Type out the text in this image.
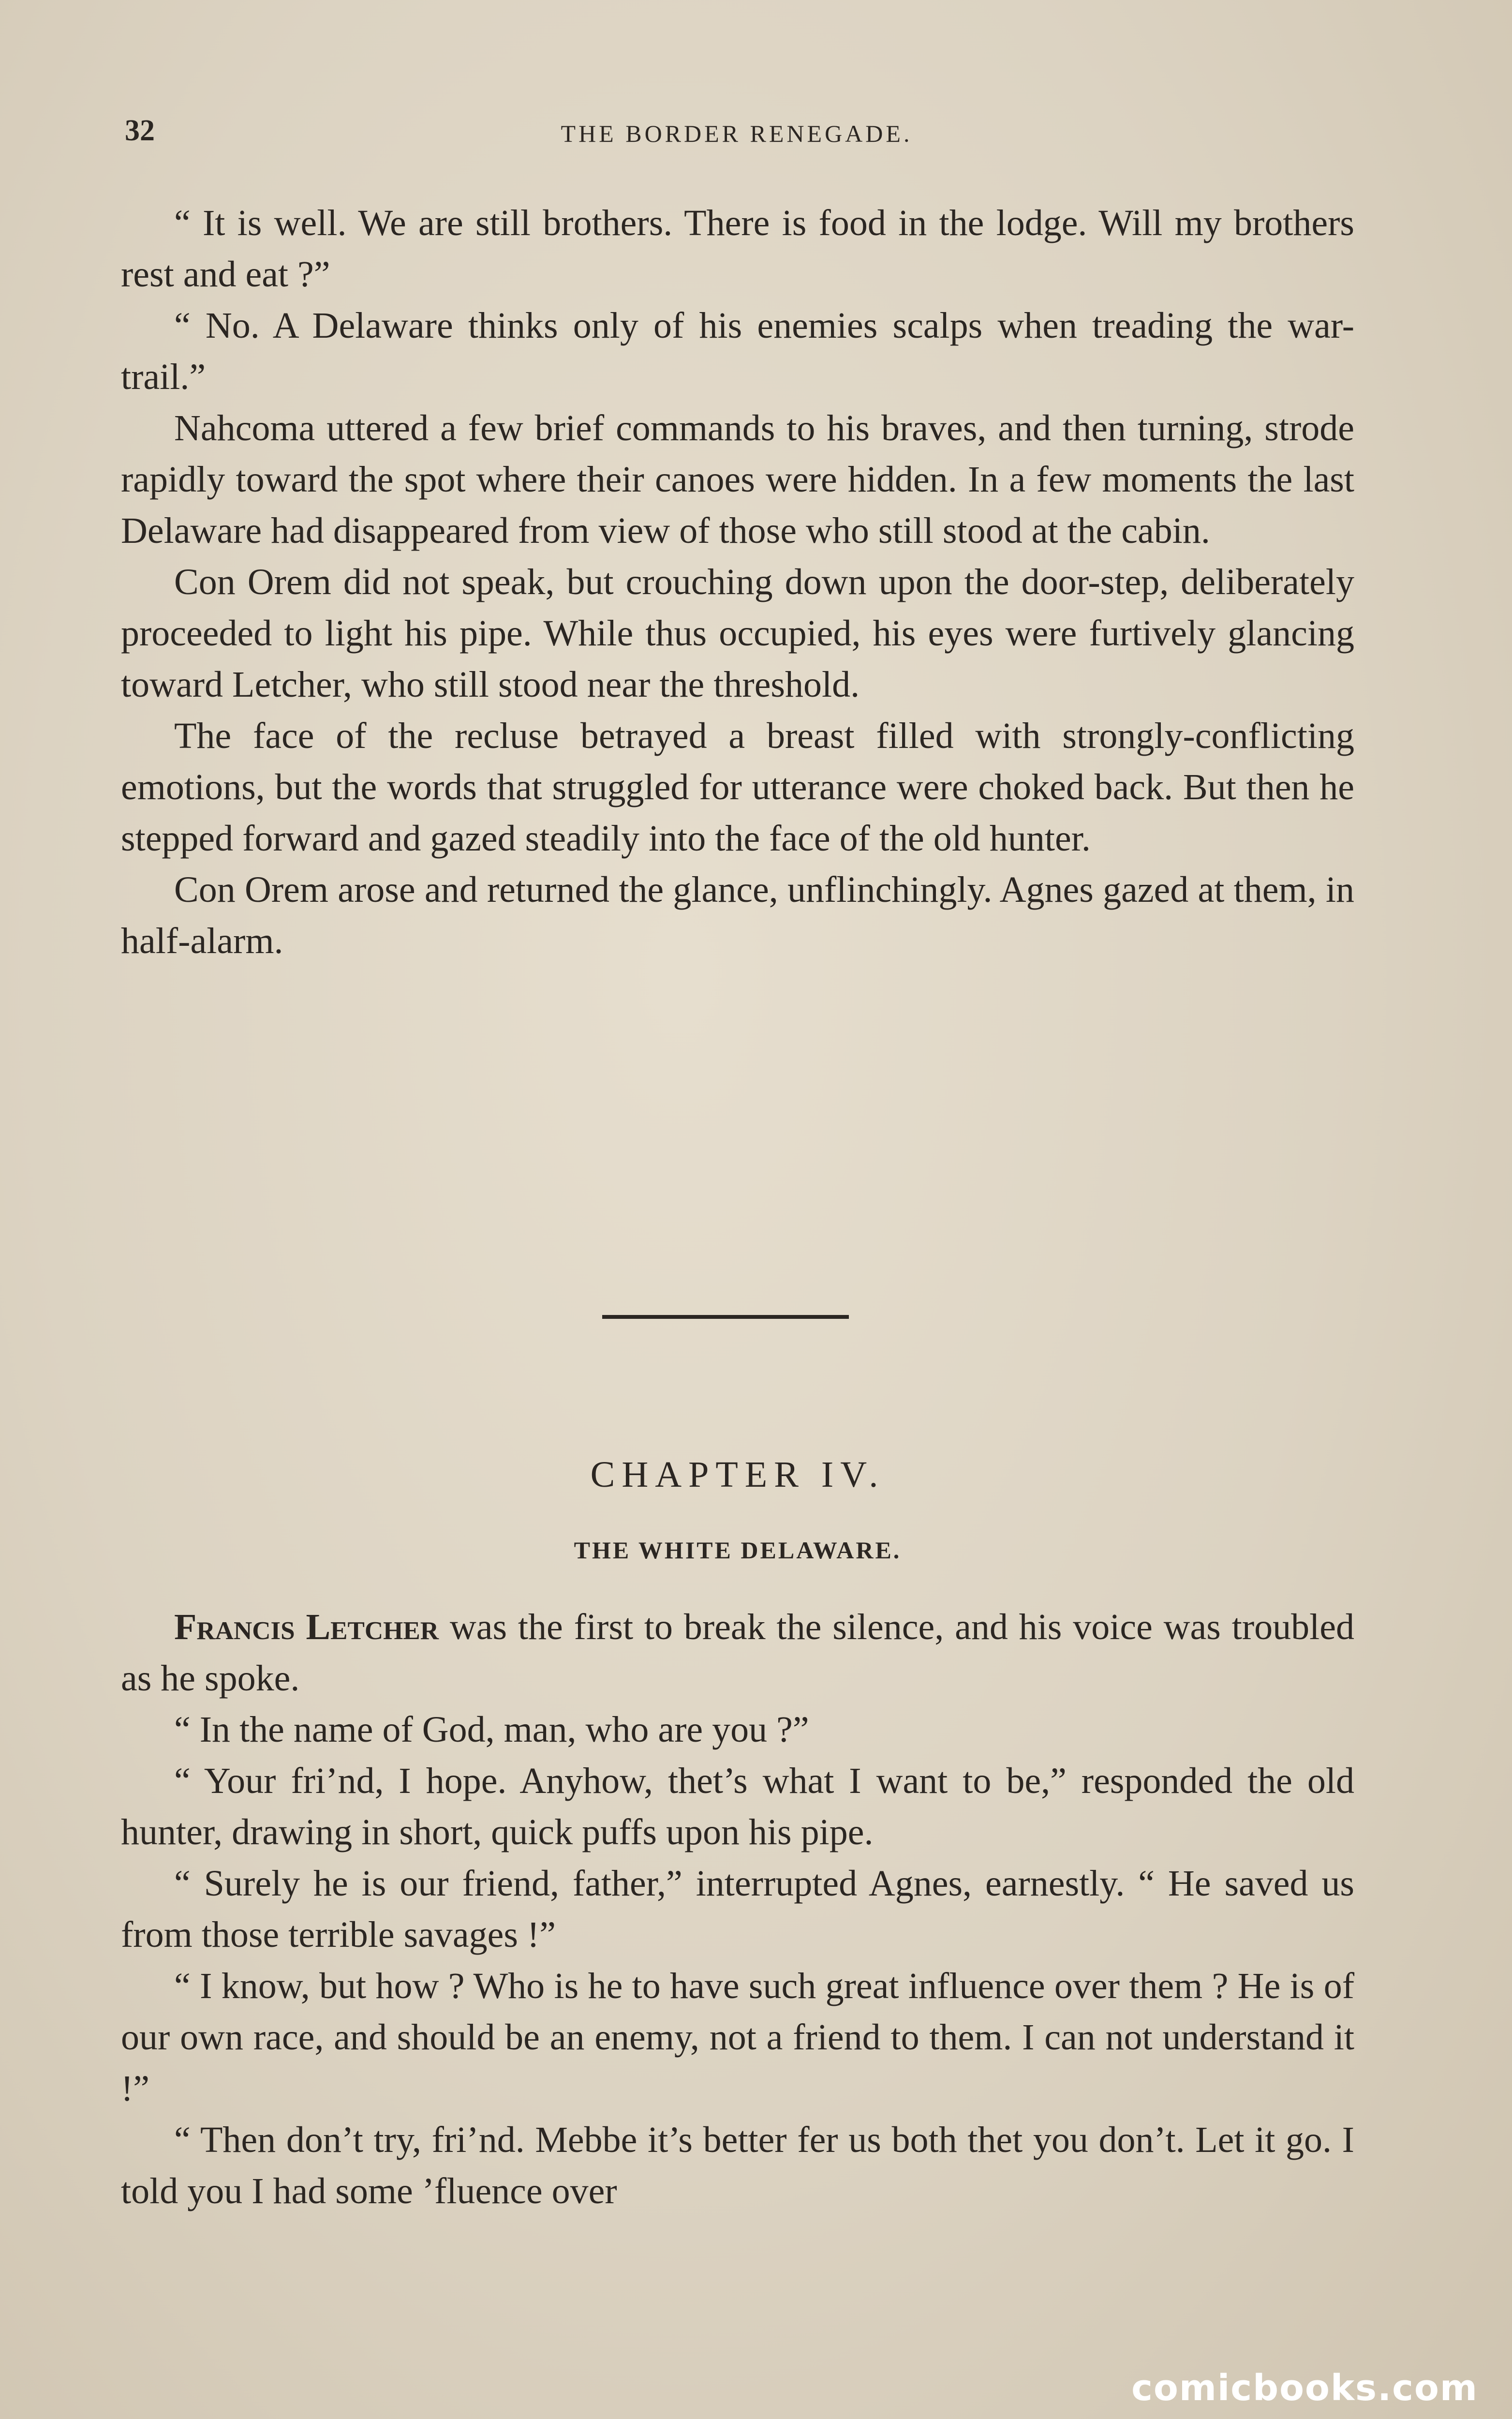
32	THE BORDER RENEGADE.

“ It is well. We are still brothers. There is food in the lodge. Will my brothers rest and eat ?”

“ No. A Delaware thinks only of his enemies scalps when treading the war-trail.”

Nahcoma uttered a few brief commands to his braves, and then turning, strode rapidly toward the spot where their canoes were hidden. In a few moments the last Delaware had disappeared from view of those who still stood at the cabin.

Con Orem did not speak, but crouching down upon the door-step, deliberately proceeded to light his pipe. While thus occupied, his eyes were furtively glancing toward Letcher, who still stood near the threshold.

The face of the recluse betrayed a breast filled with strongly-conflicting emotions, but the words that struggled for utterance were choked back. But then he stepped forward and gazed steadily into the face of the old hunter.

Con Orem arose and returned the glance, unflinchingly. Agnes gazed at them, in half-alarm.

CHAPTER IV.
THE WHITE DELAWARE.

Francis Letcher was the first to break the silence, and his voice was troubled as he spoke.

“ In the name of God, man, who are you ?”

“ Your fri’nd, I hope. Anyhow, thet’s what I want to be,” responded the old hunter, drawing in short, quick puffs upon his pipe.

“ Surely he is our friend, father,” interrupted Agnes, earnestly. “ He saved us from those terrible savages !”

“ I know, but how ? Who is he to have such great influence over them ? He is of our own race, and should be an enemy, not a friend to them. I can not understand it !”

“ Then don’t try, fri’nd. Mebbe it’s better fer us both thet you don’t. Let it go. I told you I had some ’fluence over

comicbooks.com
